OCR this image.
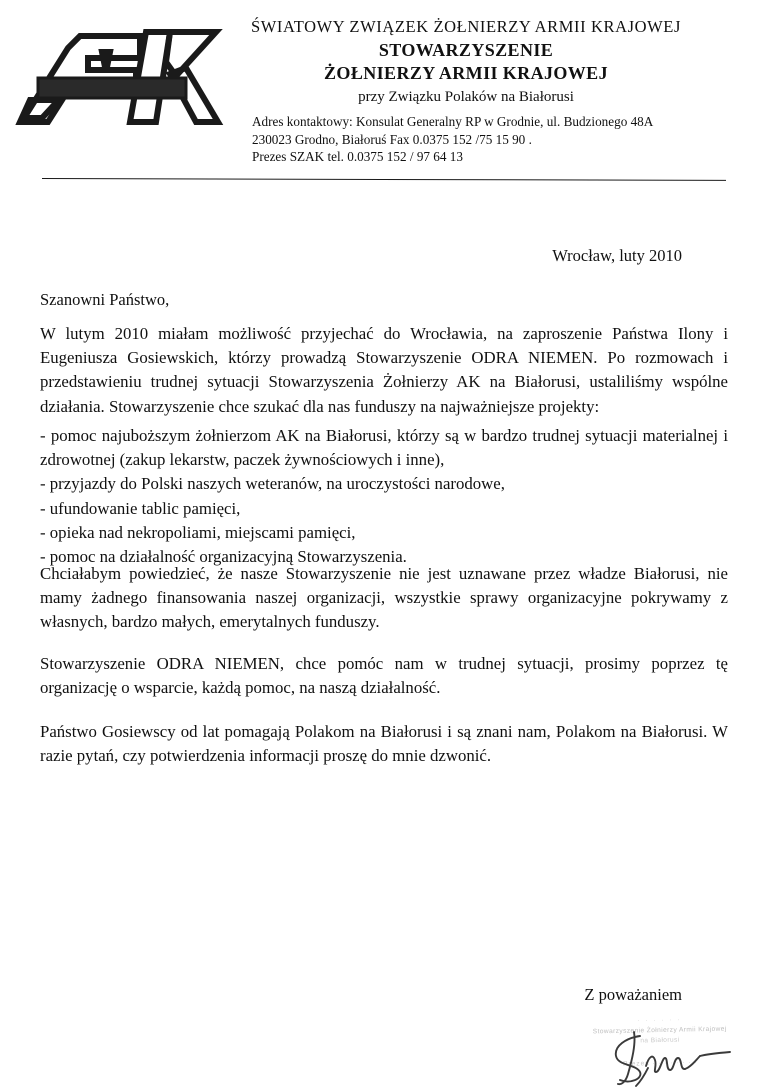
ŚWIATOWY ZWIĄZEK ŻOŁNIERZY ARMII KRAJOWEJ
STOWARZYSZENIE
ŻOŁNIERZY ARMII KRAJOWEJ
przy Związku Polaków na Białorusi
Adres kontaktowy: Konsulat Generalny RP w Grodnie, ul. Budzionego 48A
230023 Grodno, Białoruś Fax 0.0375 152 /75 15 90 .
Prezes SZAK tel. 0.0375 152 / 97 64 13
Wrocław, luty 2010
Szanowni Państwo,
W lutym 2010 miałam możliwość przyjechać do Wrocławia, na zaproszenie Państwa Ilony i Eugeniusza Gosiewskich, którzy prowadzą Stowarzyszenie ODRA NIEMEN. Po rozmowach i przedstawieniu trudnej sytuacji Stowarzyszenia Żołnierzy AK na Białorusi, ustaliliśmy wspólne działania. Stowarzyszenie chce szukać dla nas funduszy na najważniejsze projekty:
- pomoc najuboższym żołnierzom AK na Białorusi, którzy są w bardzo trudnej sytuacji materialnej i zdrowotnej (zakup lekarstw, paczek żywnościowych i inne),
- przyjazdy do Polski naszych weteranów, na uroczystości narodowe,
- ufundowanie tablic pamięci,
- opieka nad nekropoliami, miejscami pamięci,
- pomoc na działalność organizacyjną Stowarzyszenia.
Chciałabym powiedzieć, że nasze Stowarzyszenie nie jest uznawane przez władze Białorusi, nie mamy żadnego finansowania naszej organizacji, wszystkie sprawy organizacyjne pokrywamy z własnych, bardzo małych, emerytalnych funduszy.
Stowarzyszenie ODRA NIEMEN, chce pomóc nam w trudnej sytuacji, prosimy poprzez tę organizację o wsparcie, każdą pomoc, na naszą działalność.
Państwo Gosiewscy od lat pomagają Polakom na Białorusi i są znani nam, Polakom na Białorusi. W razie pytań, czy potwierdzenia informacji proszę do mnie dzwonić.
Z poważaniem
· · · · · ·
Stowarzyszenie Żołnierzy Armii Krajowej
na Białorusi
Prezes · · · · · · · ·
